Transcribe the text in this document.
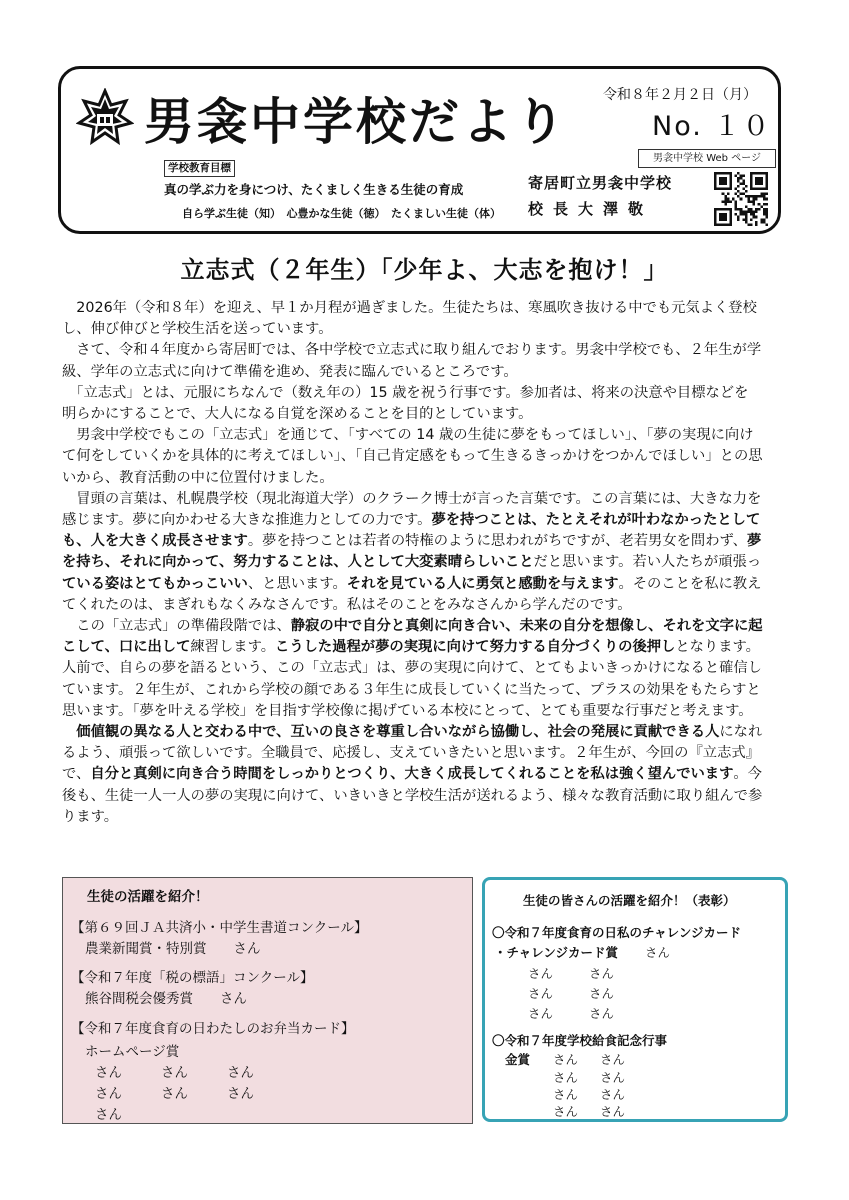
男衾中学校だより	令和８年２月２日（月）
No. １０
男衾中学校 Web ページ
学校教育目標
真の学ぶ力を身につけ、たくましく生きる生徒の育成
自ら学ぶ生徒（知）　心豊かな生徒（徳）　たくましい生徒（体）
寄居町立男衾中学校
校長大澤敬
立志式（２年生）「少年よ、大志を抱け！」

　2026年（令和８年）を迎え、早１か月程が過ぎました。生徒たちは、寒風吹き抜ける中でも元気よく登校

し、伸び伸びと学校生活を送っています。

　さて、令和４年度から寄居町では、各中学校で立志式に取り組んでおります。男衾中学校でも、２年生が学

級、学年の立志式に向けて準備を進め、発表に臨んでいるところです。

　「立志式」とは、元服にちなんで（数え年の）15 歳を祝う行事です。参加者は、将来の決意や目標などを

明らかにすることで、大人になる自覚を深めることを目的としています。

　男衾中学校でもこの「立志式」を通じて、「すべての 14 歳の生徒に夢をもってほしい」、「夢の実現に向け

て何をしていくかを具体的に考えてほしい」、「自己肯定感をもって生きるきっかけをつかんでほしい」との思

いから、教育活動の中に位置付けました。

　冒頭の言葉は、札幌農学校（現北海道大学）のクラーク博士が言った言葉です。この言葉には、大きな力を

感じます。夢に向かわせる大きな推進力としての力です。夢を持つことは、たとえそれが叶わなかったとして

も、人を大きく成長させます。夢を持つことは若者の特権のように思われがちですが、老若男女を問わず、夢

を持ち、それに向かって、努力することは、人として大変素晴らしいことだと思います。若い人たちが頑張っ

ている姿はとてもかっこいい、と思います。それを見ている人に勇気と感動を与えます。そのことを私に教え

てくれたのは、まぎれもなくみなさんです。私はそのことをみなさんから学んだのです。

　この「立志式」の準備段階では、静寂の中で自分と真剣に向き合い、未来の自分を想像し、それを文字に起

こして、口に出して練習します。こうした過程が夢の実現に向けて努力する自分づくりの後押しとなります。

人前で、自らの夢を語るという、この「立志式」は、夢の実現に向けて、とてもよいきっかけになると確信し

ています。２年生が、これから学校の顔である３年生に成長していくに当たって、プラスの効果をもたらすと

思います。「夢を叶える学校」を目指す学校像に掲げている本校にとって、とても重要な行事だと考えます。

　価値観の異なる人と交わる中で、互いの良さを尊重し合いながら協働し、社会の発展に貢献できる人になれ

るよう、頑張って欲しいです。全職員で、応援し、支えていきたいと思います。２年生が、今回の『立志式』

で、自分と真剣に向き合う時間をしっかりとつくり、大きく成長してくれることを私は強く望んでいます。今

後も、生徒一人一人の夢の実現に向けて、いきいきと学校生活が送れるよう、様々な教育活動に取り組んで参

ります。

生徒の活躍を紹介！
【第６９回ＪＡ共済小・中学生書道コンクール】
農業新聞賞・特別賞　　さん
【令和７年度「税の標語」コンクール】
熊谷間税会優秀賞　　さん
【令和７年度食育の日わたしのお弁当カード】
ホームページ賞
さん	さん	さん
さん	さん	さん
さん
生徒の皆さんの活躍を紹介！（表彰）
〇令和７年度食育の日私のチャレンジカード
・チャレンジカード賞 さん
さん	さん
さん	さん
さん	さん
〇令和７年度学校給食記念行事
金賞 さん さん
さん さん
さん さん
さん さん
